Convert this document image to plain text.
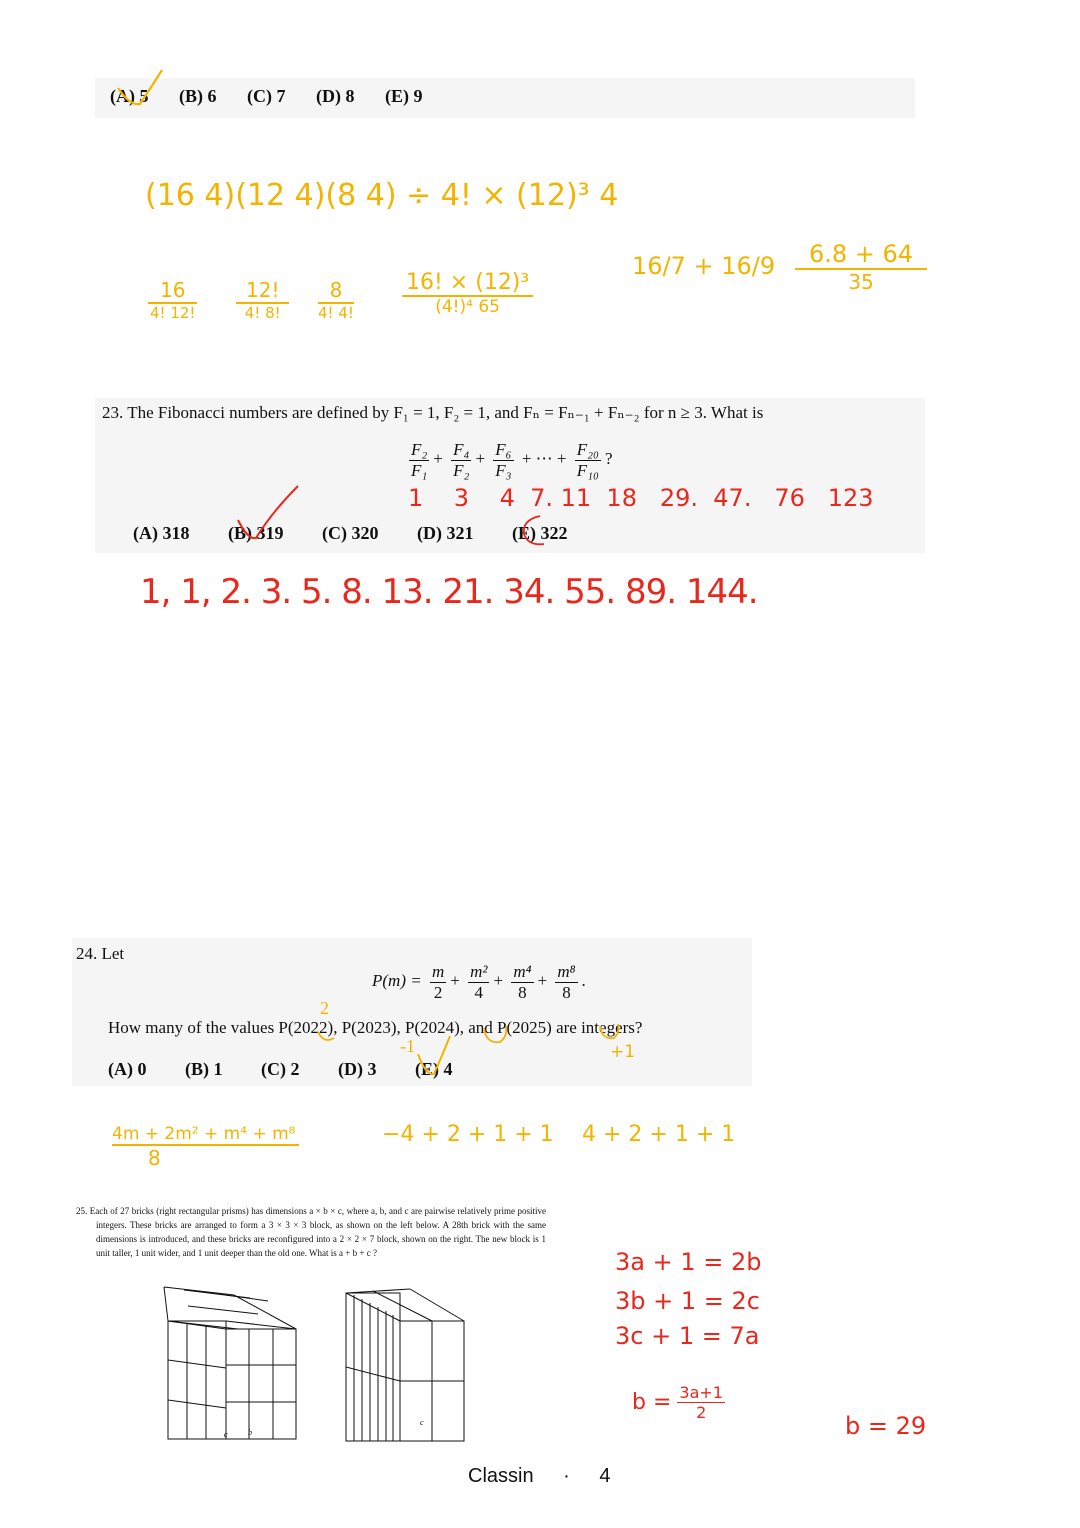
(A) 5 (B) 6 (C) 7 (D) 8 (E) 9
(16 4)(12 4)(8 4) ÷ 4! × (12)³ 4
16
4! 12!
12!
4! 8!
8
4! 4!
16! × (12)³
(4!)⁴ 65
16/7 + 16/9	6.8 + 64
35
23. The Fibonacci numbers are defined by F₁ = 1, F₂ = 1, and Fₙ = Fₙ₋₁ + Fₙ₋₂ for n ≥ 3. What is
$\frac{\text{F₂}}{\text{F₁}} + \frac{\text{F₄}}{\text{F₂}} + \frac{\text{F₆}}{\text{F₃}}$ + ⋯ + $\frac{\text{F₂₀}}{\text{F₁₀}}$ ?
1    3    4  7. 11  18   29.  47.   76   123
(A) 318 (B) 319 (C) 320 (D) 321 (E) 322
1, 1, 2. 3. 5. 8. 13. 21. 34. 55. 89. 144.
24. Let
$P(m) = \frac{m}{2} + \frac{\text{m²}}{4} + \frac{\text{m⁴}}{8} + \frac{\text{m⁸}}{8}$ .
How many of the values P(2022), P(2023), P(2024), and P(2025) are integers?
(A) 0 (B) 1 (C) 2 (D) 3 (E) 4
2
-1	+1
4m + 2m² + m⁴ + m⁸
8
−4 + 2 + 1 + 1 4 + 2 + 1 + 1
25. Each of 27 bricks (right rectangular prisms) has dimensions a × b × c, where a, b, and c are pairwise relatively prime positive integers. These bricks are arranged to form a 3 × 3 × 3 block, as shown on the left below. A 28th brick with the same dimensions is introduced, and these bricks are reconfigured into a 2 × 2 × 7 block, shown on the right. The new block is 1 unit taller, 1 unit wider, and 1 unit deeper than the old one. What is a + b + c ?
c	b
c
3a + 1 = 2b
3b + 1 = 2c
3c + 1 = 7a
$b = \frac{3a+1}{2}$
b = 29
Classin · 4
